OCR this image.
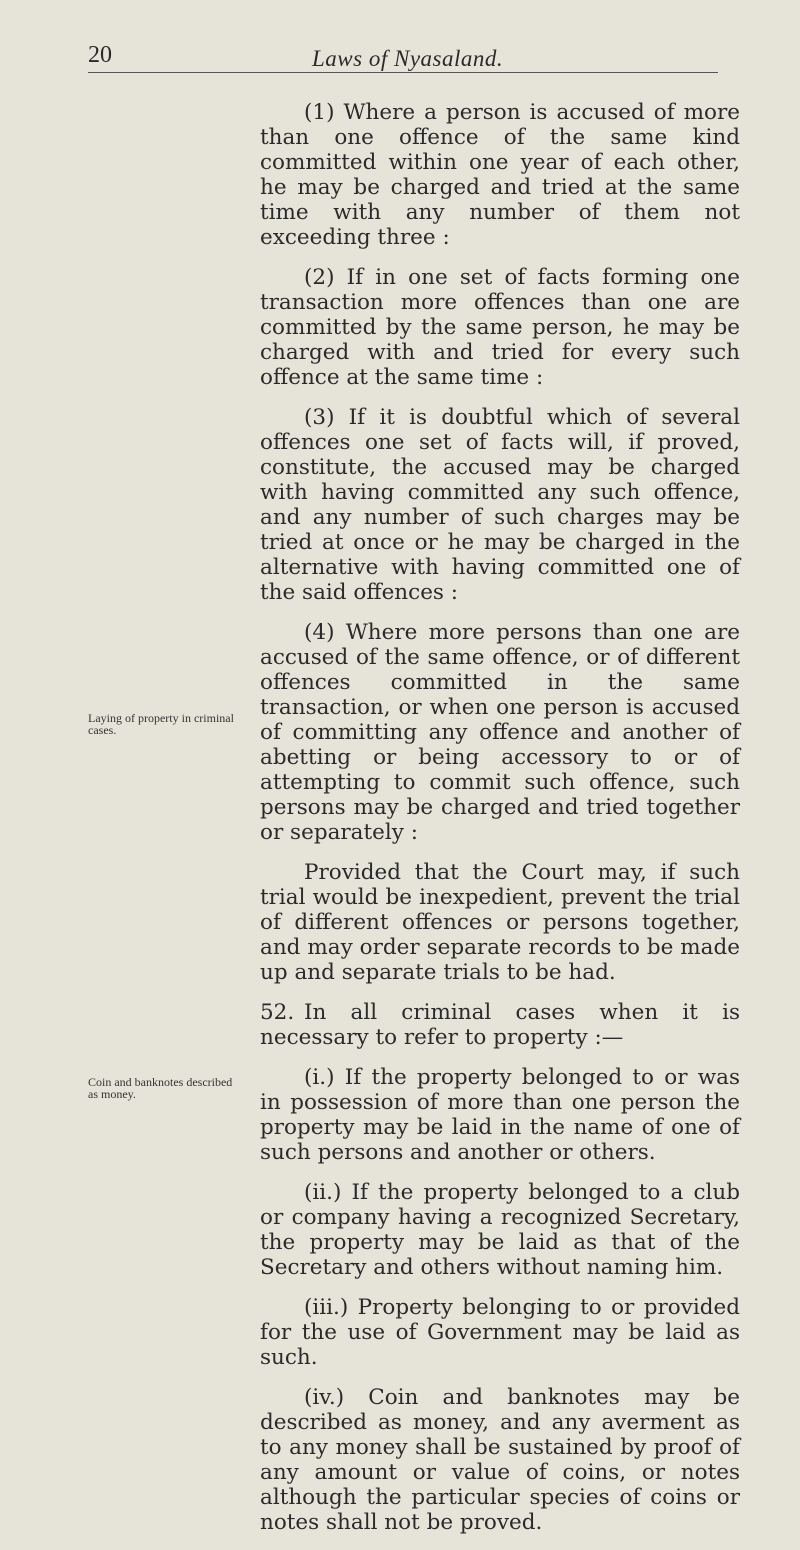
20	Laws of Nyasaland.
Laying of property in criminal cases.
Coin and banknotes described as money.

(1) Where a person is accused of more than one offence of the same kind committed within one year of each other, he may be charged and tried at the same time with any number of them not exceeding three :

(2) If in one set of facts forming one transaction more offences than one are committed by the same person, he may be charged with and tried for every such offence at the same time :

(3) If it is doubtful which of several offences one set of facts will, if proved, constitute, the accused may be charged with having committed any such offence, and any number of such charges may be tried at once or he may be charged in the alternative with having committed one of the said offences :

(4) Where more persons than one are accused of the same offence, or of different offences committed in the same transaction, or when one person is accused of committing any offence and another of abetting or being accessory to or of attempting to commit such offence, such persons may be charged and tried together or separately :

Provided that the Court may, if such trial would be inexpedient, prevent the trial of different offences or persons together, and may order separate records to be made up and separate trials to be had.

52. In all criminal cases when it is necessary to refer to property :—

(i.) If the property belonged to or was in possession of more than one person the property may be laid in the name of one of such persons and another or others.

(ii.) If the property belonged to a club or company having a recognized Secretary, the property may be laid as that of the Secretary and others without naming him.

(iii.) Property belonging to or provided for the use of Government may be laid as such.

(iv.) Coin and banknotes may be described as money, and any averment as to any money shall be sustained by proof of any amount or value of coins, or notes although the particular species of coins or notes shall not be proved.
